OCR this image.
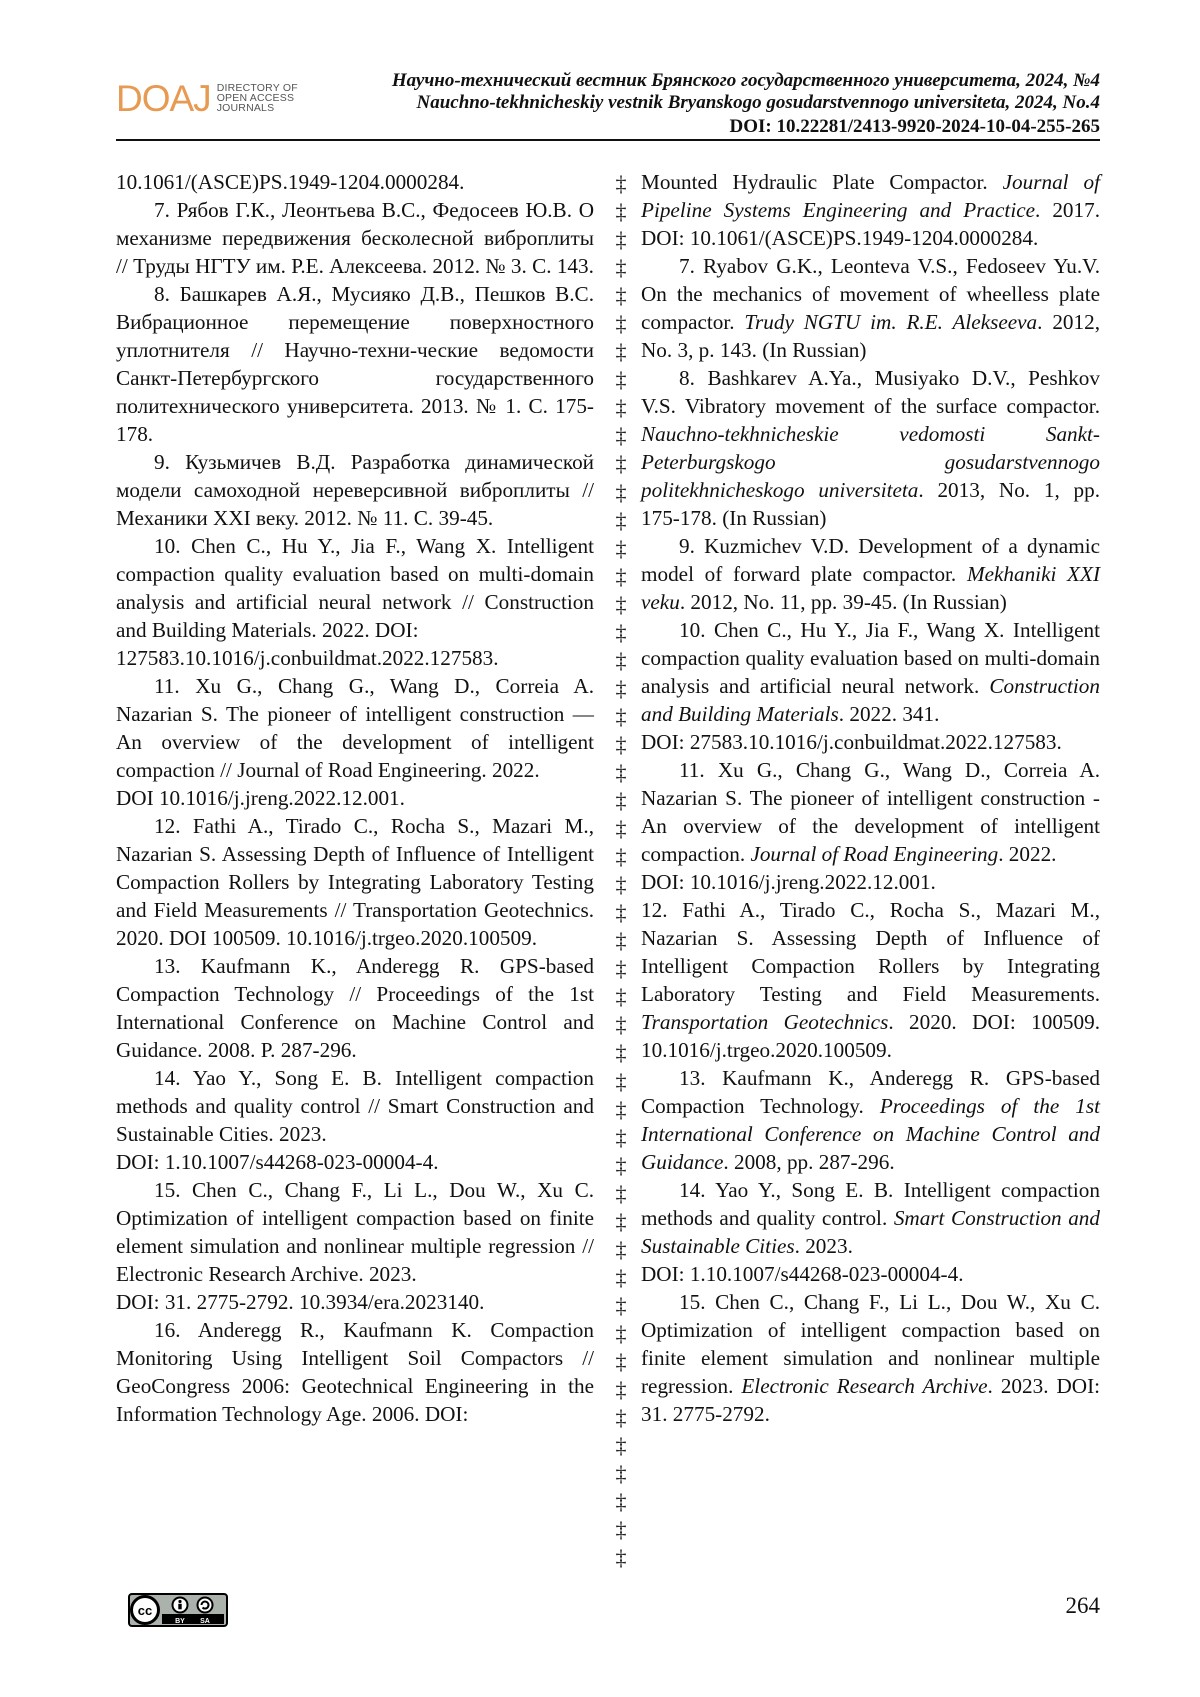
DOAJ DIRECTORY OF
OPEN ACCESS
JOURNALS
Научно-технический вестник Брянского государственного университета, 2024, №4
Nauchno-tekhnicheskiy vestnik Bryanskogo gosudarstvennogo universiteta, 2024, No.4
DOI: 10.22281/2413-9920-2024-10-04-255-265

10.1061/(ASCE)PS.1949-1204.0000284.

7. Рябов Г.К., Леонтьева В.С., Федосеев Ю.В. О механизме передвижения бесколесной виброплиты // Труды НГТУ им. Р.Е. Алексеева. 2012. № 3. С. 143.

8. Башкарев А.Я., Мусияко Д.В., Пешков В.С. Вибрационное перемещение поверхностного уплотнителя // Научно-техни-ческие ведомости Санкт-Петербургского государственного политехнического университета. 2013. № 1. С. 175-178.

9. Кузьмичев В.Д. Разработка динамической модели самоходной нереверсивной виброплиты // Механики XXI веку. 2012. № 11. С. 39-45.

10. Chen C., Hu Y., Jia F., Wang X. Intelligent compaction quality evaluation based on multi-domain analysis and artificial neural network // Construction and Building Materials. 2022. DOI:

127583.10.1016/j.conbuildmat.2022.127583.

11. Xu G., Chang G., Wang D., Correia A. Nazarian S. The pioneer of intelligent construction — An overview of the development of intelligent compaction // Journal of Road Engineering. 2022.

DOI 10.1016/j.jreng.2022.12.001.

12. Fathi A., Tirado C., Rocha S., Mazari M., Nazarian S. Assessing Depth of Influence of Intelligent Compaction Rollers by Integrating Laboratory Testing and Field Measurements // Transportation Geotechnics. 2020. DOI 100509. 10.1016/j.trgeo.2020.100509.

13. Kaufmann K., Anderegg R. GPS-based Compaction Technology // Proceedings of the 1st International Conference on Machine Control and Guidance. 2008. P. 287-296.

14. Yao Y., Song E. B. Intelligent compaction methods and quality control // Smart Construction and Sustainable Cities. 2023.

DOI: 1.10.1007/s44268-023-00004-4.

15. Chen C., Chang F., Li L., Dou W., Xu C. Optimization of intelligent compaction based on finite element simulation and nonlinear multiple regression // Electronic Research Archive. 2023.

DOI: 31. 2775-2792. 10.3934/era.2023140.

16. Anderegg R., Kaufmann K. Compaction Monitoring Using Intelligent Soil Compactors // GeoCongress 2006: Geotechnical Engineering in the Information Technology Age. 2006. DOI:

‡
‡
‡
‡
‡
‡
‡
‡
‡
‡
‡
‡
‡
‡
‡
‡
‡
‡
‡
‡
‡
‡
‡
‡
‡
‡
‡
‡
‡
‡
‡
‡
‡
‡
‡
‡
‡
‡
‡
‡
‡
‡
‡
‡
‡
‡
‡
‡
‡
‡

Mounted Hydraulic Plate Compactor. Journal of Pipeline Systems Engineering and Practice. 2017. DOI: 10.1061/(ASCE)PS.1949-1204.0000284.

7. Ryabov G.K., Leonteva V.S., Fedoseev Yu.V. On the mechanics of movement of wheelless plate compactor. Trudy NGTU im. R.E. Alekseeva. 2012, No. 3, p. 143. (In Russian)

8. Bashkarev A.Ya., Musiyako D.V., Peshkov V.S. Vibratory movement of the surface compactor. Nauchno-tekhnicheskie vedomosti Sankt-Peterburgskogo gosudarstvennogo politekhnicheskogo universiteta. 2013, No. 1, pp. 175-178. (In Russian)

9. Kuzmichev V.D. Development of a dynamic model of forward plate compactor. Mekhaniki XXI veku. 2012, No. 11, pp. 39-45. (In Russian)

10. Chen C., Hu Y., Jia F., Wang X. Intelligent compaction quality evaluation based on multi-domain analysis and artificial neural network. Construction and Building Materials. 2022. 341.

DOI: 27583.10.1016/j.conbuildmat.2022.127583.

11. Xu G., Chang G., Wang D., Correia A. Nazarian S. The pioneer of intelligent construction - An overview of the development of intelligent compaction. Journal of Road Engineering. 2022.

DOI: 10.1016/j.jreng.2022.12.001.

12. Fathi A., Tirado C., Rocha S., Mazari M., Nazarian S. Assessing Depth of Influence of Intelligent Compaction Rollers by Integrating Laboratory Testing and Field Measurements. Transportation Geotechnics. 2020. DOI: 100509. 10.1016/j.trgeo.2020.100509.

13. Kaufmann K., Anderegg R. GPS-based Compaction Technology. Proceedings of the 1st International Conference on Machine Control and Guidance. 2008, pp. 287-296.

14. Yao Y., Song E. B. Intelligent compaction methods and quality control. Smart Construction and Sustainable Cities. 2023.

DOI: 1.10.1007/s44268-023-00004-4.

15. Chen C., Chang F., Li L., Dou W., Xu C. Optimization of intelligent compaction based on finite element simulation and nonlinear multiple regression. Electronic Research Archive. 2023. DOI: 31. 2775-2792.

cc
BY SA
264
